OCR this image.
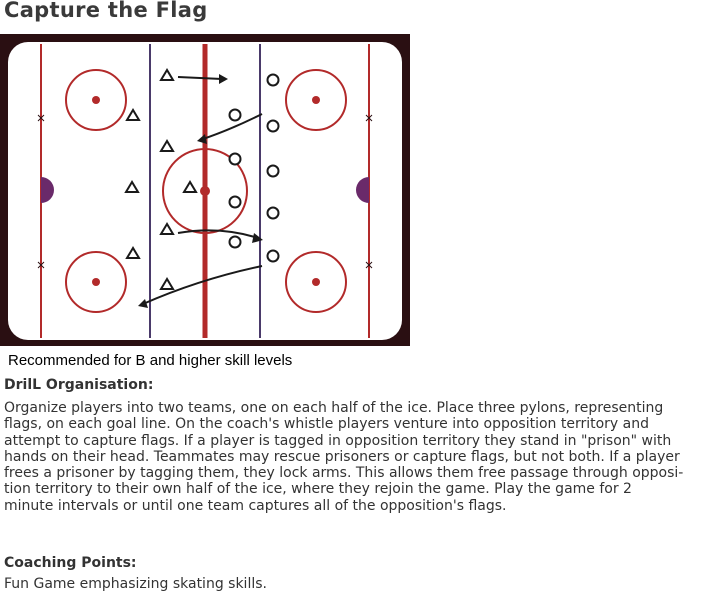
Capture the Flag
Recommended for B and higher skill levels
DrilL Organisation:
Organize players into two teams, one on each half of the ice. Place three pylons, representing
flags, on each goal line. On the coach's whistle players venture into opposition territory and
attempt to capture flags. If a player is tagged in opposition territory they stand in "prison" with
hands on their head. Teammates may rescue prisoners or capture flags, but not both. If a player
frees a prisoner by tagging them, they lock arms. This allows them free passage through opposi-
tion territory to their own half of the ice, where they rejoin the game. Play the game for 2
minute intervals or until one team captures all of the opposition's flags.
Coaching Points:
Fun Game emphasizing skating skills.
